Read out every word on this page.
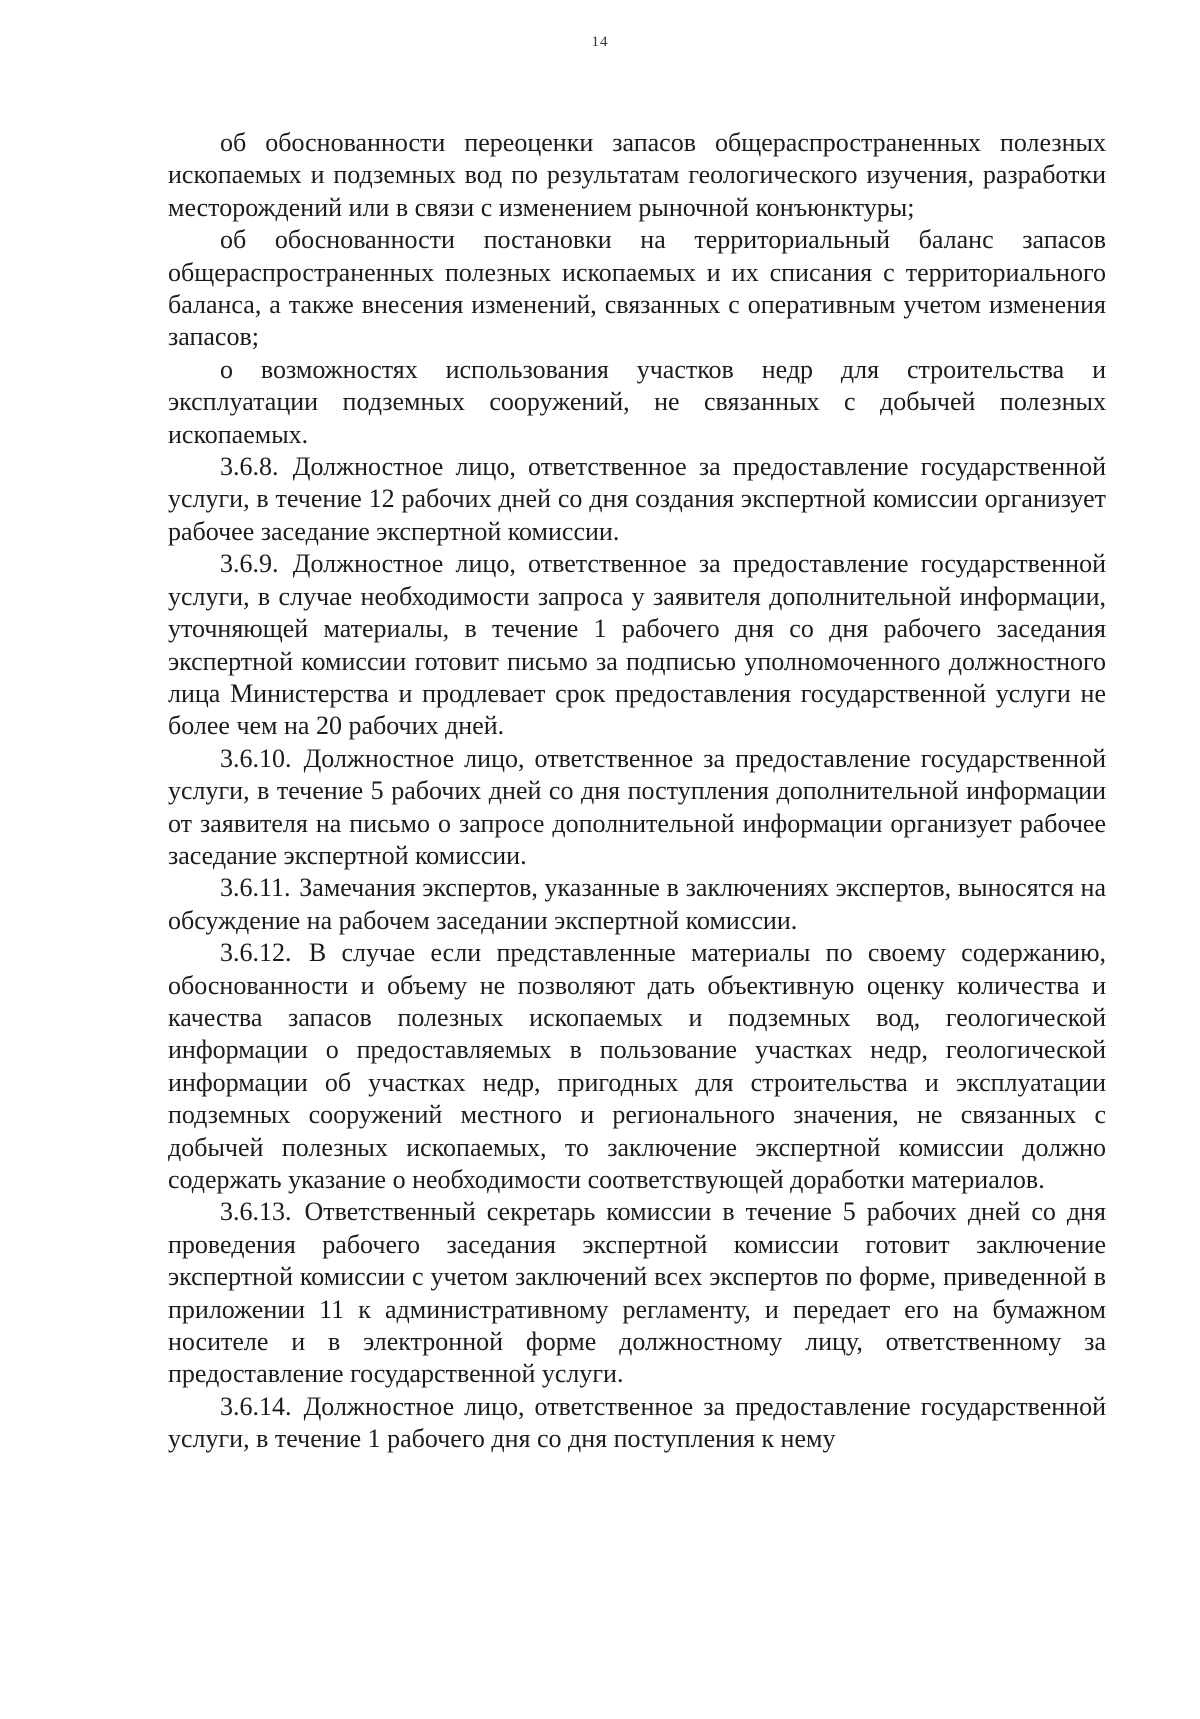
14

об обоснованности переоценки запасов общераспространенных полезных ископаемых и подземных вод по результатам геологического изучения, разработки месторождений или в связи с изменением рыночной конъюнктуры;

об обоснованности постановки на территориальный баланс запасов общераспространенных полезных ископаемых и их списания с территориального баланса, а также внесения изменений, связанных с оперативным учетом изменения запасов;

о возможностях использования участков недр для строительства и эксплуатации подземных сооружений, не связанных с добычей полезных ископаемых.

3.6.8. Должностное лицо, ответственное за предоставление государственной услуги, в течение 12 рабочих дней со дня создания экспертной комиссии организует рабочее заседание экспертной комиссии.

3.6.9. Должностное лицо, ответственное за предоставление государственной услуги, в случае необходимости запроса у заявителя дополнительной информации, уточняющей материалы, в течение 1 рабочего дня со дня рабочего заседания экспертной комиссии готовит письмо за подписью уполномоченного должностного лица Министерства и продлевает срок предоставления государственной услуги не более чем на 20 рабочих дней.

3.6.10. Должностное лицо, ответственное за предоставление государственной услуги, в течение 5 рабочих дней со дня поступления дополнительной информации от заявителя на письмо о запросе дополнительной информации организует рабочее заседание экспертной комиссии.

3.6.11. Замечания экспертов, указанные в заключениях экспертов, выносятся на обсуждение на рабочем заседании экспертной комиссии.

3.6.12. В случае если представленные материалы по своему содержанию, обоснованности и объему не позволяют дать объективную оценку количества и качества запасов полезных ископаемых и подземных вод, геологической информации о предоставляемых в пользование участках недр, геологической информации об участках недр, пригодных для строительства и эксплуатации подземных сооружений местного и регионального значения, не связанных с добычей полезных ископаемых, то заключение экспертной комиссии должно содержать указание о необходимости соответствующей доработки материалов.

3.6.13. Ответственный секретарь комиссии в течение 5 рабочих дней со дня проведения рабочего заседания экспертной комиссии готовит заключение экспертной комиссии с учетом заключений всех экспертов по форме, приведенной в приложении 11 к административному регламенту, и передает его на бумажном носителе и в электронной форме должностному лицу, ответственному за предоставление государственной услуги.

3.6.14. Должностное лицо, ответственное за предоставление государственной услуги, в течение 1 рабочего дня со дня поступления к нему
